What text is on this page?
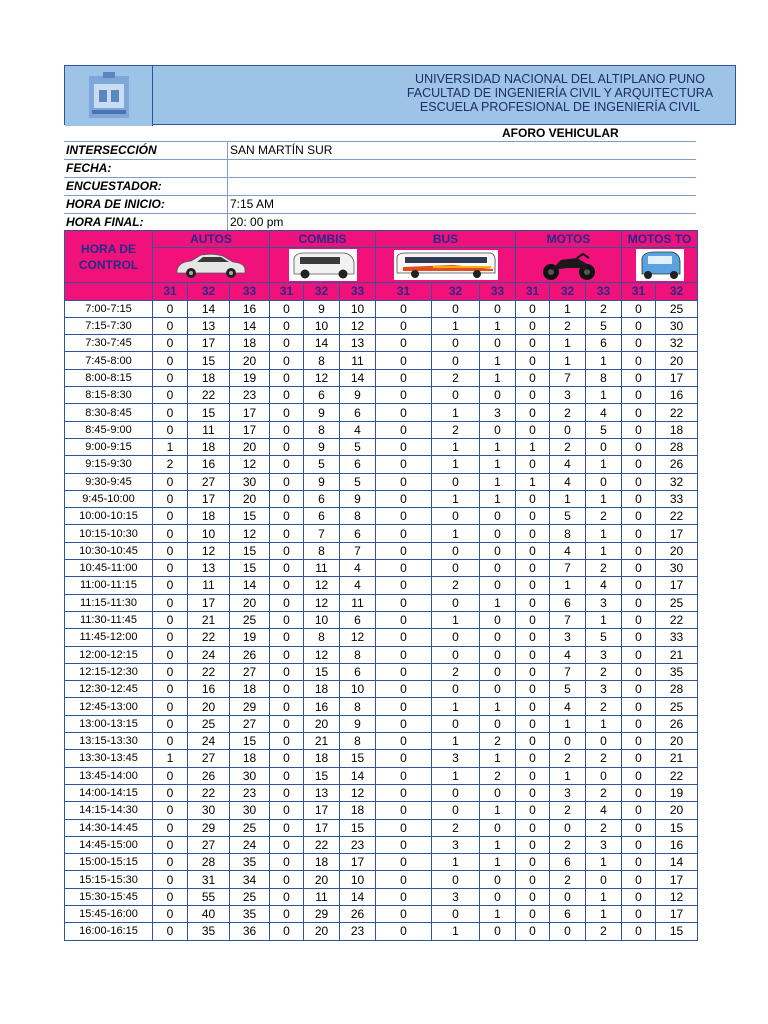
UNIVERSIDAD NACIONAL DEL ALTIPLANO PUNO
FACULTAD DE INGENIERÍA CIVIL Y ARQUITECTURA
ESCUELA PROFESIONAL DE INGENIERÍA CIVIL
AFORO VEHICULAR
INTERSECCIÓN	SAN MARTÍN SUR
FECHA:
ENCUESTADOR:
HORA DE INICIO:	7:15 AM
HORA FINAL:	20: 00 pm
HORA DE CONTROL	AUTOS			COMBIS			BUS			MOTOS			MOTOS TO	

	31	32	33	31	32	33	31	32	33	31	32	33	31	32
7:00-7:15	0	14	16	0	9	10	0	0	0	0	1	2	0	25
7:15-7:30	0	13	14	0	10	12	0	1	1	0	2	5	0	30
7:30-7:45	0	17	18	0	14	13	0	0	0	0	1	6	0	32
7:45-8:00	0	15	20	0	8	11	0	0	1	0	1	1	0	20
8:00-8:15	0	18	19	0	12	14	0	2	1	0	7	8	0	17
8:15-8:30	0	22	23	0	6	9	0	0	0	0	3	1	0	16
8:30-8:45	0	15	17	0	9	6	0	1	3	0	2	4	0	22
8:45-9:00	0	11	17	0	8	4	0	2	0	0	0	5	0	18
9:00-9:15	1	18	20	0	9	5	0	1	1	1	2	0	0	28
9:15-9:30	2	16	12	0	5	6	0	1	1	0	4	1	0	26
9:30-9:45	0	27	30	0	9	5	0	0	1	1	4	0	0	32
9:45-10:00	0	17	20	0	6	9	0	1	1	0	1	1	0	33
10:00-10:15	0	18	15	0	6	8	0	0	0	0	5	2	0	22
10:15-10:30	0	10	12	0	7	6	0	1	0	0	8	1	0	17
10:30-10:45	0	12	15	0	8	7	0	0	0	0	4	1	0	20
10:45-11:00	0	13	15	0	11	4	0	0	0	0	7	2	0	30
11:00-11:15	0	11	14	0	12	4	0	2	0	0	1	4	0	17
11:15-11:30	0	17	20	0	12	11	0	0	1	0	6	3	0	25
11:30-11:45	0	21	25	0	10	6	0	1	0	0	7	1	0	22
11:45-12:00	0	22	19	0	8	12	0	0	0	0	3	5	0	33
12:00-12:15	0	24	26	0	12	8	0	0	0	0	4	3	0	21
12:15-12:30	0	22	27	0	15	6	0	2	0	0	7	2	0	35
12:30-12:45	0	16	18	0	18	10	0	0	0	0	5	3	0	28
12:45-13:00	0	20	29	0	16	8	0	1	1	0	4	2	0	25
13:00-13:15	0	25	27	0	20	9	0	0	0	0	1	1	0	26
13:15-13:30	0	24	15	0	21	8	0	1	2	0	0	0	0	20
13:30-13:45	1	27	18	0	18	15	0	3	1	0	2	2	0	21
13:45-14:00	0	26	30	0	15	14	0	1	2	0	1	0	0	22
14:00-14:15	0	22	23	0	13	12	0	0	0	0	3	2	0	19
14:15-14:30	0	30	30	0	17	18	0	0	1	0	2	4	0	20
14:30-14:45	0	29	25	0	17	15	0	2	0	0	0	2	0	15
14:45-15:00	0	27	24	0	22	23	0	3	1	0	2	3	0	16
15:00-15:15	0	28	35	0	18	17	0	1	1	0	6	1	0	14
15:15-15:30	0	31	34	0	20	10	0	0	0	0	2	0	0	17
15:30-15:45	0	55	25	0	11	14	0	3	0	0	0	1	0	12
15:45-16:00	0	40	35	0	29	26	0	0	1	0	6	1	0	17
16:00-16:15	0	35	36	0	20	23	0	1	0	0	0	2	0	15
